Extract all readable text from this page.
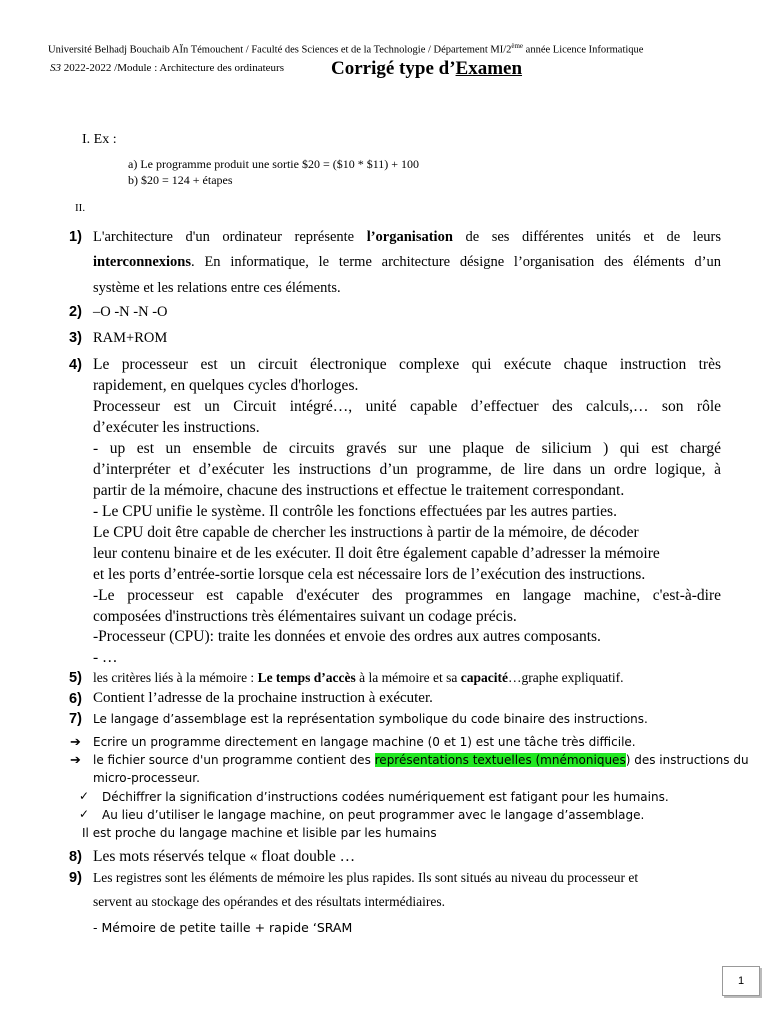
Université Belhadj Bouchaib AÏn Témouchent / Faculté des Sciences et de la Technologie / Département MI/2ème année Licence Informatique
S3 2022-2022 /Module : Architecture des ordinateurs Corrigé type d’Examen
I. Ex :
a) Le programme produit une sortie $20 = ($10 * $11) + 100
b) $20 = 124 + étapes
II.
1) L'architecture d'un ordinateur représente l’organisation de ses différentes unités et de leurs
interconnexions. En informatique, le terme architecture désigne l’organisation des éléments d’un
système et les relations entre ces éléments.
2) –O -N -N -O
3) RAM+ROM
4) Le processeur est un circuit électronique complexe qui exécute chaque instruction très
rapidement, en quelques cycles d'horloges.
Processeur est un Circuit intégré…, unité capable d’effectuer des calculs,… son rôle
d’exécuter les instructions.
- up est un ensemble de circuits gravés sur une plaque de silicium ) qui est chargé
d’interpréter et d’exécuter les instructions d’un programme, de lire dans un ordre logique, à
partir de la mémoire, chacune des instructions et effectue le traitement correspondant.
- Le CPU unifie le système. Il contrôle les fonctions effectuées par les autres parties.
Le CPU doit être capable de chercher les instructions à partir de la mémoire, de décoder
leur contenu binaire et de les exécuter. Il doit être également capable d’adresser la mémoire
et les ports d’entrée-sortie lorsque cela est nécessaire lors de l’exécution des instructions.
-Le processeur est capable d'exécuter des programmes en langage machine, c'est-à-dire
composées d'instructions très élémentaires suivant un codage précis.
-Processeur (CPU): traite les données et envoie des ordres aux autres composants.
- …
5) les critères liés à la mémoire : Le temps d’accès à la mémoire et sa capacité…graphe expliquatif.
6) Contient l’adresse de la prochaine instruction à exécuter.
7) Le langage d’assemblage est la représentation symbolique du code binaire des instructions.
➔ Ecrire un programme directement en langage machine (0 et 1) est une tâche très difficile.
➔ le fichier source d'un programme contient des représentations textuelles (mnémoniques) des instructions du
micro-processeur.
✓ Déchiffrer la signification d’instructions codées numériquement est fatigant pour les humains.
✓ Au lieu d’utiliser le langage machine, on peut programmer avec le langage d’assemblage.
Il est proche du langage machine et lisible par les humains
8) Les mots réservés telque « float double …
9) Les registres sont les éléments de mémoire les plus rapides. Ils sont situés au niveau du processeur et
servent au stockage des opérandes et des résultats intermédiaires.
- Mémoire de petite taille + rapide ‘SRAM
1
